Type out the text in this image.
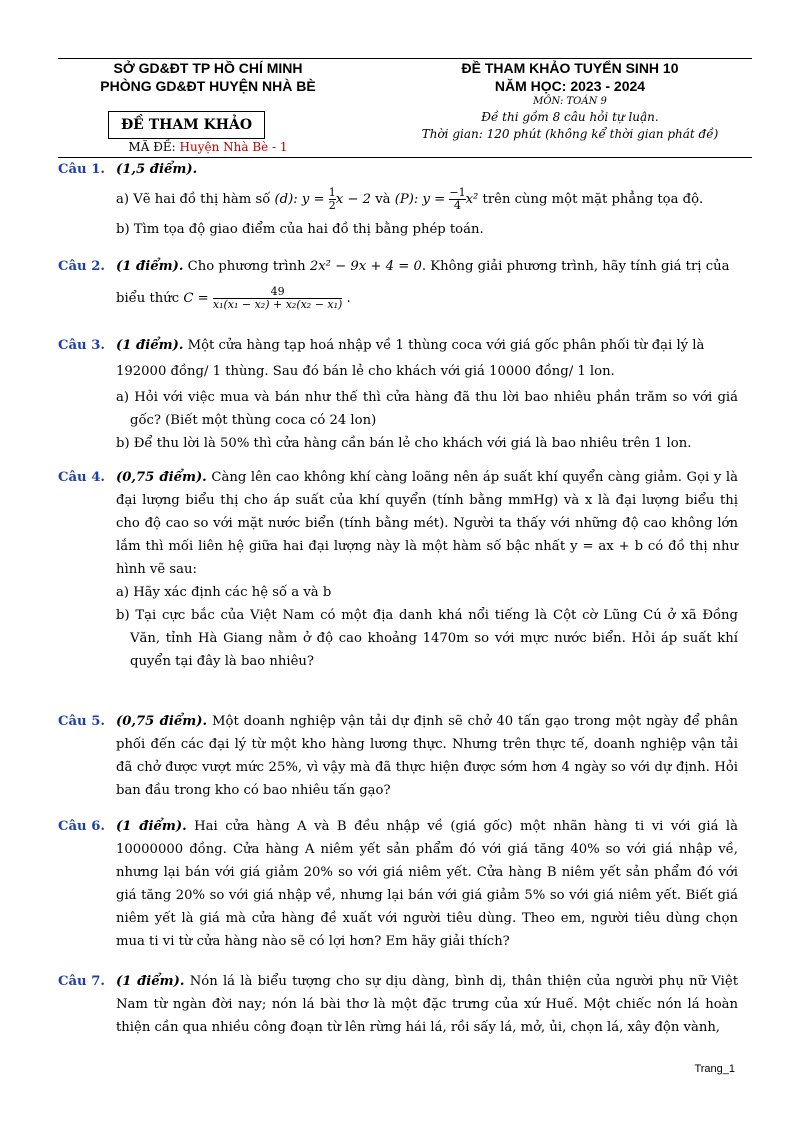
SỞ GD&ĐT TP HỒ CHÍ MINH
PHÒNG GD&ĐT HUYỆN NHÀ BÈ
ĐỀ THAM KHẢO
MÃ ĐỀ: Huyện Nhà Bè - 1
ĐỀ THAM KHẢO TUYỂN SINH 10
NĂM HỌC: 2023 - 2024
MÔN: TOÁN 9
Đề thi gồm 8 câu hỏi tự luận.
Thời gian: 120 phút (không kể thời gian phát đề)
Câu 1. (1,5 điểm).
a) Vẽ hai đồ thị hàm số (d): $y = \frac{1}{2}$ x − 2 và (P): $y = \frac{-1}{4} x^2$ trên cùng một mặt phẳng tọa độ.
b) Tìm tọa độ giao điểm của hai đồ thị bằng phép toán.
Câu 2. (1 điểm). Cho phương trình 2x² − 9x + 4 = 0. Không giải phương trình, hãy tính giá trị của
biểu thức $C = \frac{49}{\text{x₁(x₁ − x₂) + x₂(x₂ − x₁)}}$ .
Câu 3. (1 điểm). Một cửa hàng tạp hoá nhập về 1 thùng coca với giá gốc phân phối từ đại lý là
192000 đồng/ 1 thùng. Sau đó bán lẻ cho khách với giá 10000 đồng/ 1 lon.
a) Hỏi với việc mua và bán như thế thì cửa hàng đã thu lời bao nhiêu phần trăm so với giá gốc? (Biết một thùng coca có 24 lon)
b) Để thu lời là 50% thì cửa hàng cần bán lẻ cho khách với giá là bao nhiêu trên 1 lon.
Câu 4. (0,75 điểm). Càng lên cao không khí càng loãng nên áp suất khí quyển càng giảm. Gọi y là đại lượng biểu thị cho áp suất của khí quyển (tính bằng mmHg) và x là đại lượng biểu thị cho độ cao so với mặt nước biển (tính bằng mét). Người ta thấy với những độ cao không lớn lắm thì mối liên hệ giữa hai đại lượng này là một hàm số bậc nhất y = ax + b có đồ thị như hình vẽ sau:
a) Hãy xác định các hệ số a và b
b) Tại cực bắc của Việt Nam có một địa danh khá nổi tiếng là Cột cờ Lũng Cú ở xã Đồng Văn, tỉnh Hà Giang nằm ở độ cao khoảng 1470m so với mực nước biển. Hỏi áp suất khí quyển tại đây là bao nhiêu?
Câu 5. (0,75 điểm). Một doanh nghiệp vận tải dự định sẽ chở 40 tấn gạo trong một ngày để phân phối đến các đại lý từ một kho hàng lương thực. Nhưng trên thực tế, doanh nghiệp vận tải đã chở được vượt mức 25%, vì vậy mà đã thực hiện được sớm hơn 4 ngày so với dự định. Hỏi ban đầu trong kho có bao nhiêu tấn gạo?
Câu 6. (1 điểm). Hai cửa hàng A và B đều nhập về (giá gốc) một nhãn hàng ti vi với giá là 10000000 đồng. Cửa hàng A niêm yết sản phẩm đó với giá tăng 40% so với giá nhập về, nhưng lại bán với giá giảm 20% so với giá niêm yết. Cửa hàng B niêm yết sản phẩm đó với giá tăng 20% so với giá nhập về, nhưng lại bán với giá giảm 5% so với giá niêm yết. Biết giá niêm yết là giá mà cửa hàng đề xuất với người tiêu dùng. Theo em, người tiêu dùng chọn mua ti vi từ cửa hàng nào sẽ có lợi hơn? Em hãy giải thích?
Câu 7. (1 điểm). Nón lá là biểu tượng cho sự dịu dàng, bình dị, thân thiện của người phụ nữ Việt Nam từ ngàn đời nay; nón lá bài thơ là một đặc trưng của xứ Huế. Một chiếc nón lá hoàn thiện cần qua nhiều công đoạn từ lên rừng hái lá, rồi sấy lá, mở, ủi, chọn lá, xây độn vành,
Trang_1
